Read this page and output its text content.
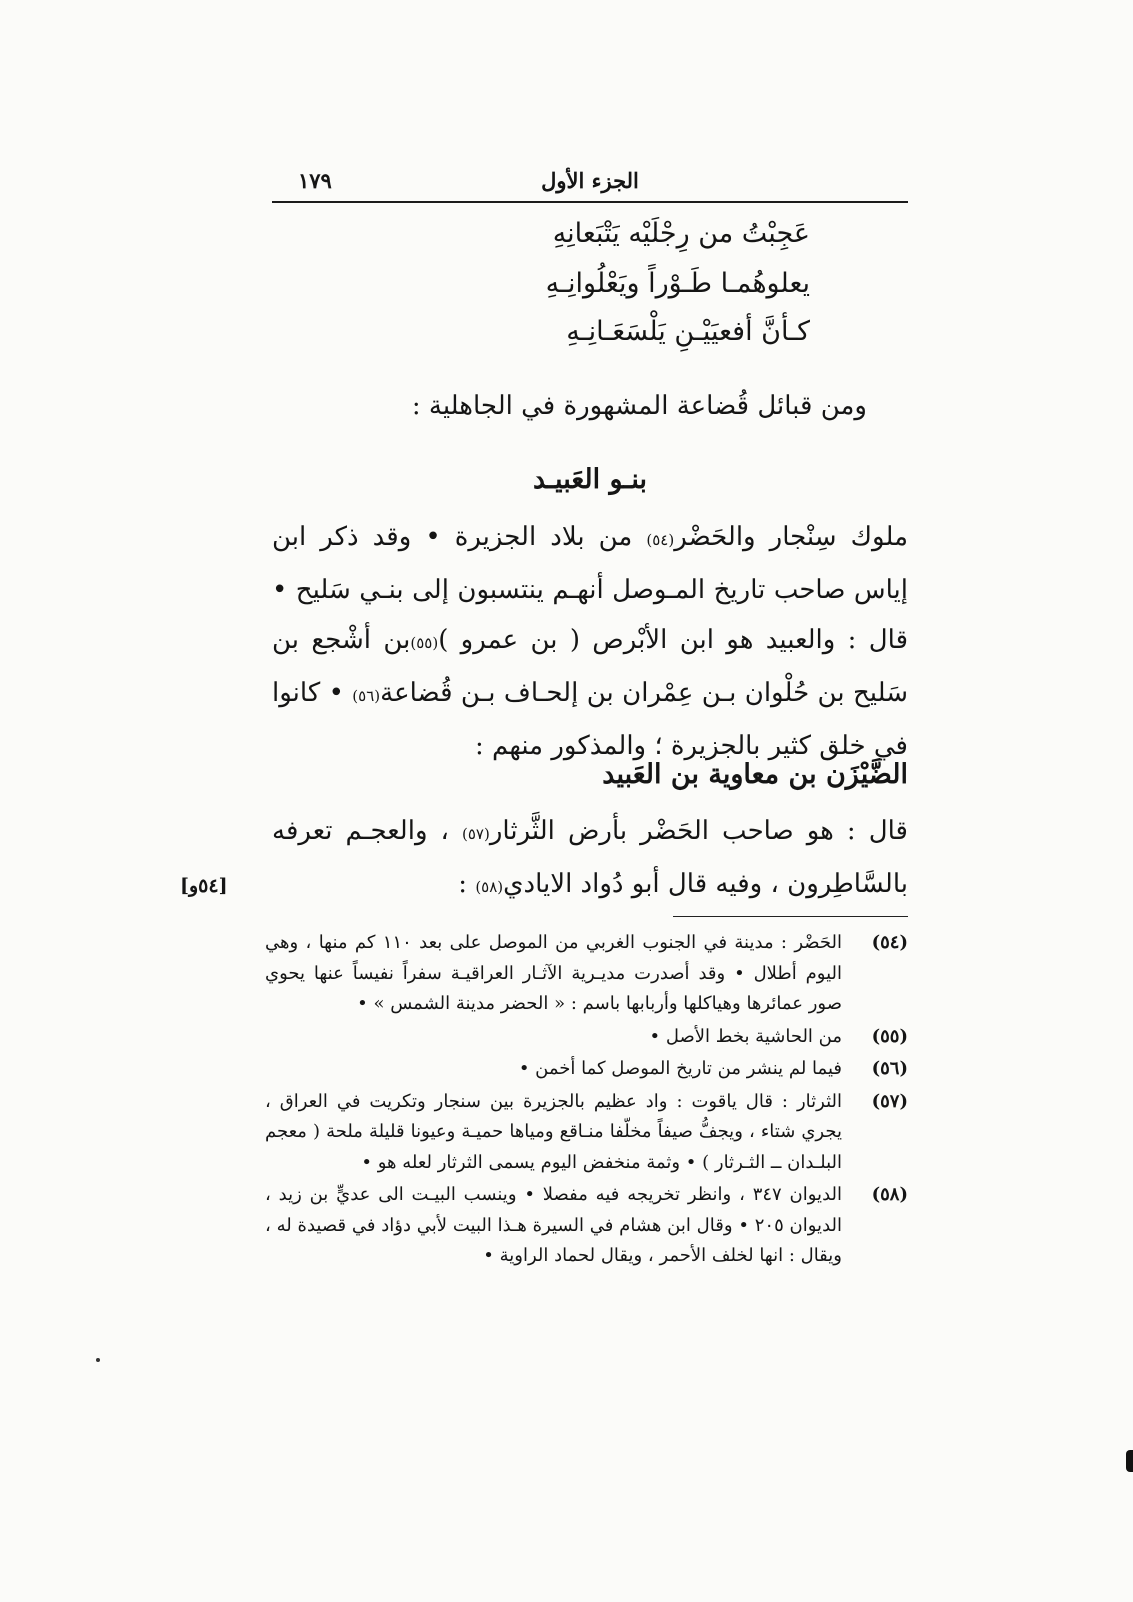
الجزء الأول
١٧٩
عَجِبْتُ من رِجْلَيْه يَتْبَعانِهِ
يعلوهُمـا طَـوْراً ويَعْلُوانِـهِ
كـأنَّ أفعيَيْـنِ يَلْسَعَـانِـهِ
ومن قبائل قُضاعة المشهورة في الجاهلية :
بنـو العَبيـد
ملوك سِنْجار والحَضْر(٥٤) من بلاد الجزيرة • وقد ذكر ابن إياس صاحب تاريخ المـوصل أنهـم ينتسبون إلى بنـي سَليح • قال : والعبيد هو ابن الأبْرص ( بن عمرو )(٥٥)بن أشْجع بن سَليح بن حُلْوان بـن عِمْران بن إلحـاف بـن قُضاعة(٥٦) • كانوا في خلق كثير بالجزيرة ؛ والمذكور منهم :
الضَّيْزَن بن معاوية بن العَبيد
قال : هو صاحب الحَضْر بأرض الثَّرثار(٥٧) ، والعجـم تعرفه بالسَّاطِرون ، وفيه قال أبو دُواد الايادي(٥٨) :
[٥٤و]
(٥٤)
الحَضْر : مدينة في الجنوب الغربي من الموصل على بعد ١١٠ كم منها ، وهي اليوم أطلال • وقد أصدرت مديـرية الآثـار العراقيـة سفراً نفيساً عنها يحوي صور عمائرها وهياكلها وأربابها باسم : « الحضر مدينة الشمس » •
(٥٥)
من الحاشية بخط الأصل •
(٥٦)
فيما لم ينشر من تاريخ الموصل كما أخمن •
(٥٧)
الثرثار : قال ياقوت : واد عظيم بالجزيرة بين سنجار وتكريت في العراق ، يجري شتاء ، ويجفُّ صيفاً مخلّفا منـاقع ومياها حميـة وعيونا قليلة ملحة ( معجم البلـدان ــ الثـرثار ) • وثمة منخفض اليوم يسمى الثرثار لعله هو •
(٥٨)
الديوان ٣٤٧ ، وانظر تخريجه فيه مفصلا • وينسب البيـت الى عديٍّ بن زيد ، الديوان ٢٠٥ • وقال ابن هشام في السيرة هـذا البيت لأبي دؤاد في قصيدة له ، ويقال : انها لخلف الأحمر ، ويقال لحماد الراوية •
